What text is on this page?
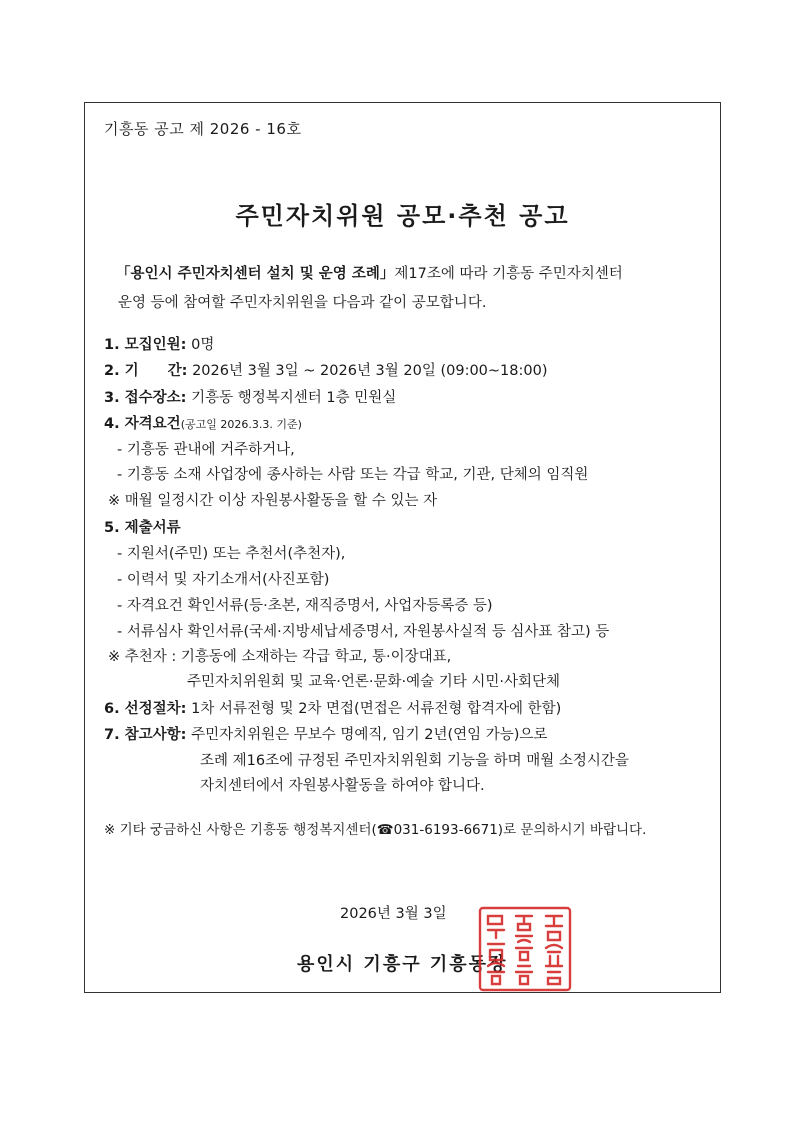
기흥동 공고 제 2026 - 16호
주민자치위원 공모·추천 공고
「용인시 주민자치센터 설치 및 운영 조례」제17조에 따라 기흥동 주민자치센터
운영 등에 참여할 주민자치위원을 다음과 같이 공모합니다.
1. 모집인원: 0명
2. 기　　간: 2026년 3월 3일 ~ 2026년 3월 20일 (09:00~18:00)
3. 접수장소: 기흥동 행정복지센터 1층 민원실
4. 자격요건(공고일 2026.3.3. 기준)
- 기흥동 관내에 거주하거나,
- 기흥동 소재 사업장에 종사하는 사람 또는 각급 학교, 기관, 단체의 임직원
※ 매월 일정시간 이상 자원봉사활동을 할 수 있는 자
5. 제출서류
- 지원서(주민) 또는 추천서(추천자),
- 이력서 및 자기소개서(사진포함)
- 자격요건 확인서류(등·초본, 재직증명서, 사업자등록증 등)
- 서류심사 확인서류(국세·지방세납세증명서, 자원봉사실적 등 심사표 참고) 등
※ 추천자 : 기흥동에 소재하는 각급 학교, 통·이장대표,
주민자치위원회 및 교육·언론·문화·예술 기타 시민·사회단체
6. 선정절차: 1차 서류전형 및 2차 면접(면접은 서류전형 합격자에 한함)
7. 참고사항: 주민자치위원은 무보수 명예직, 임기 2년(연임 가능)으로
조례 제16조에 규정된 주민자치위원회 기능을 하며 매월 소정시간을
자치센터에서 자원봉사활동을 하여야 합니다.
※ 기타 궁금하신 사항은 기흥동 행정복지센터(☎031-6193-6671)로 문의하시기 바랍니다.
2026년 3월 3일
용인시 기흥구 기흥동장
